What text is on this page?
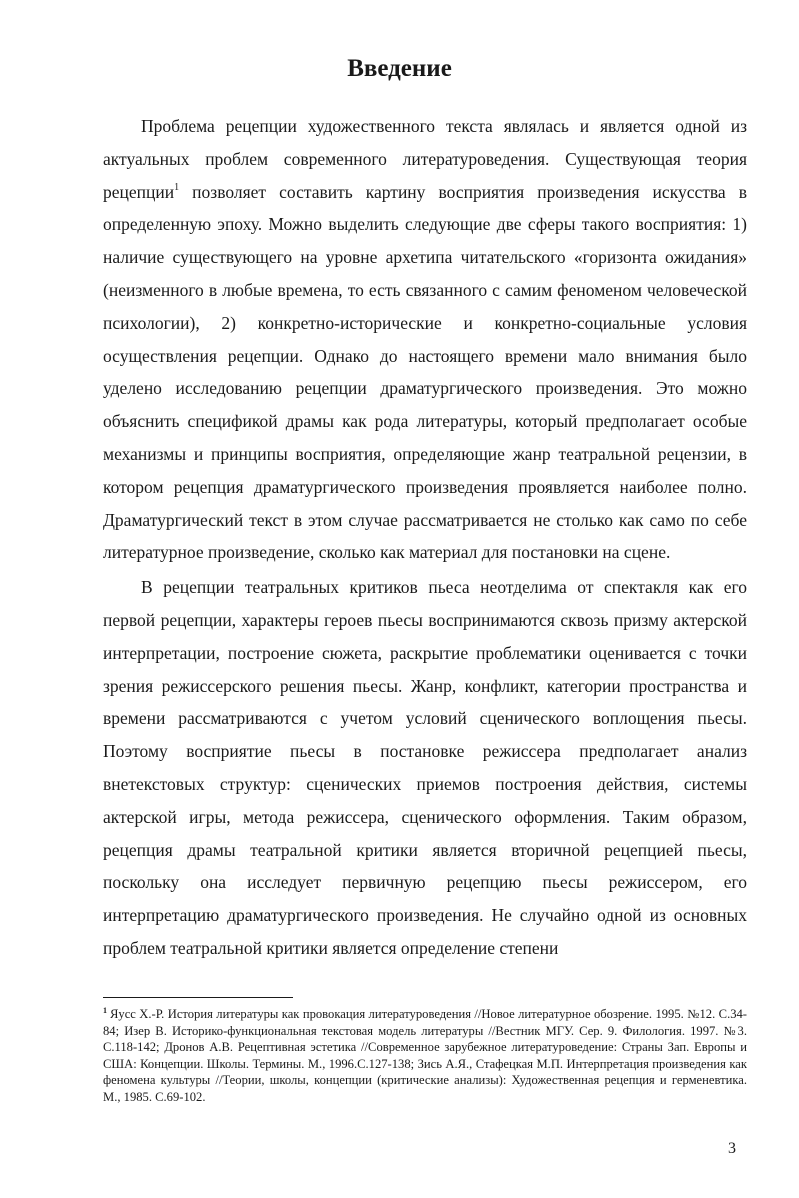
Введение

Проблема рецепции художественного текста являлась и является одной из актуальных проблем современного литературоведения. Существующая теория рецепции$^1$ позволяет составить картину восприятия произведения искусства в определенную эпоху. Можно выделить следующие две сферы такого восприятия: 1) наличие существующего на уровне архетипа читательского «горизонта ожидания» (неизменного в любые времена, то есть связанного с самим феноменом человеческой психологии), 2) конкретно-исторические и конкретно-социальные условия осуществления рецепции. Однако до настоящего времени мало внимания было уделено исследованию рецепции драматургического произведения. Это можно объяснить спецификой драмы как рода литературы, который предполагает особые механизмы и принципы восприятия, определяющие жанр театральной рецензии, в котором рецепция драматургического произведения проявляется наиболее полно. Драматургический текст в этом случае рассматривается не столько как само по себе литературное произведение, сколько как материал для постановки на сцене.

В рецепции театральных критиков пьеса неотделима от спектакля как его первой рецепции, характеры героев пьесы воспринимаются сквозь призму актерской интерпретации, построение сюжета, раскрытие проблематики оценивается с точки зрения режиссерского решения пьесы. Жанр, конфликт, категории пространства и времени рассматриваются с учетом условий сценического воплощения пьесы. Поэтому восприятие пьесы в постановке режиссера предполагает анализ внетекстовых структур: сценических приемов построения действия, системы актерской игры, метода режиссера, сценического оформления. Таким образом, рецепция драмы театральной критики является вторичной рецепцией пьесы, поскольку она исследует первичную рецепцию пьесы режиссером, его интерпретацию драматургического произведения. Не случайно одной из основных проблем театральной критики является определение степени

$^1$ Яусс Х.-Р. История литературы как провокация литературоведения //Новое литературное обозрение. 1995. №12. С.34-84; Изер В. Историко-функциональная текстовая модель литературы //Вестник МГУ. Сер. 9. Филология. 1997. №3. С.118-142; Дронов А.В. Рецептивная эстетика //Современное зарубежное литературоведение: Страны Зап. Европы и США: Концепции. Школы. Термины. М., 1996.С.127-138; Зись А.Я., Стафецкая М.П. Интерпретация произведения как феномена культуры //Теории, школы, концепции (критические анализы): Художественная рецепция и герменевтика. М., 1985. С.69-102.
3
